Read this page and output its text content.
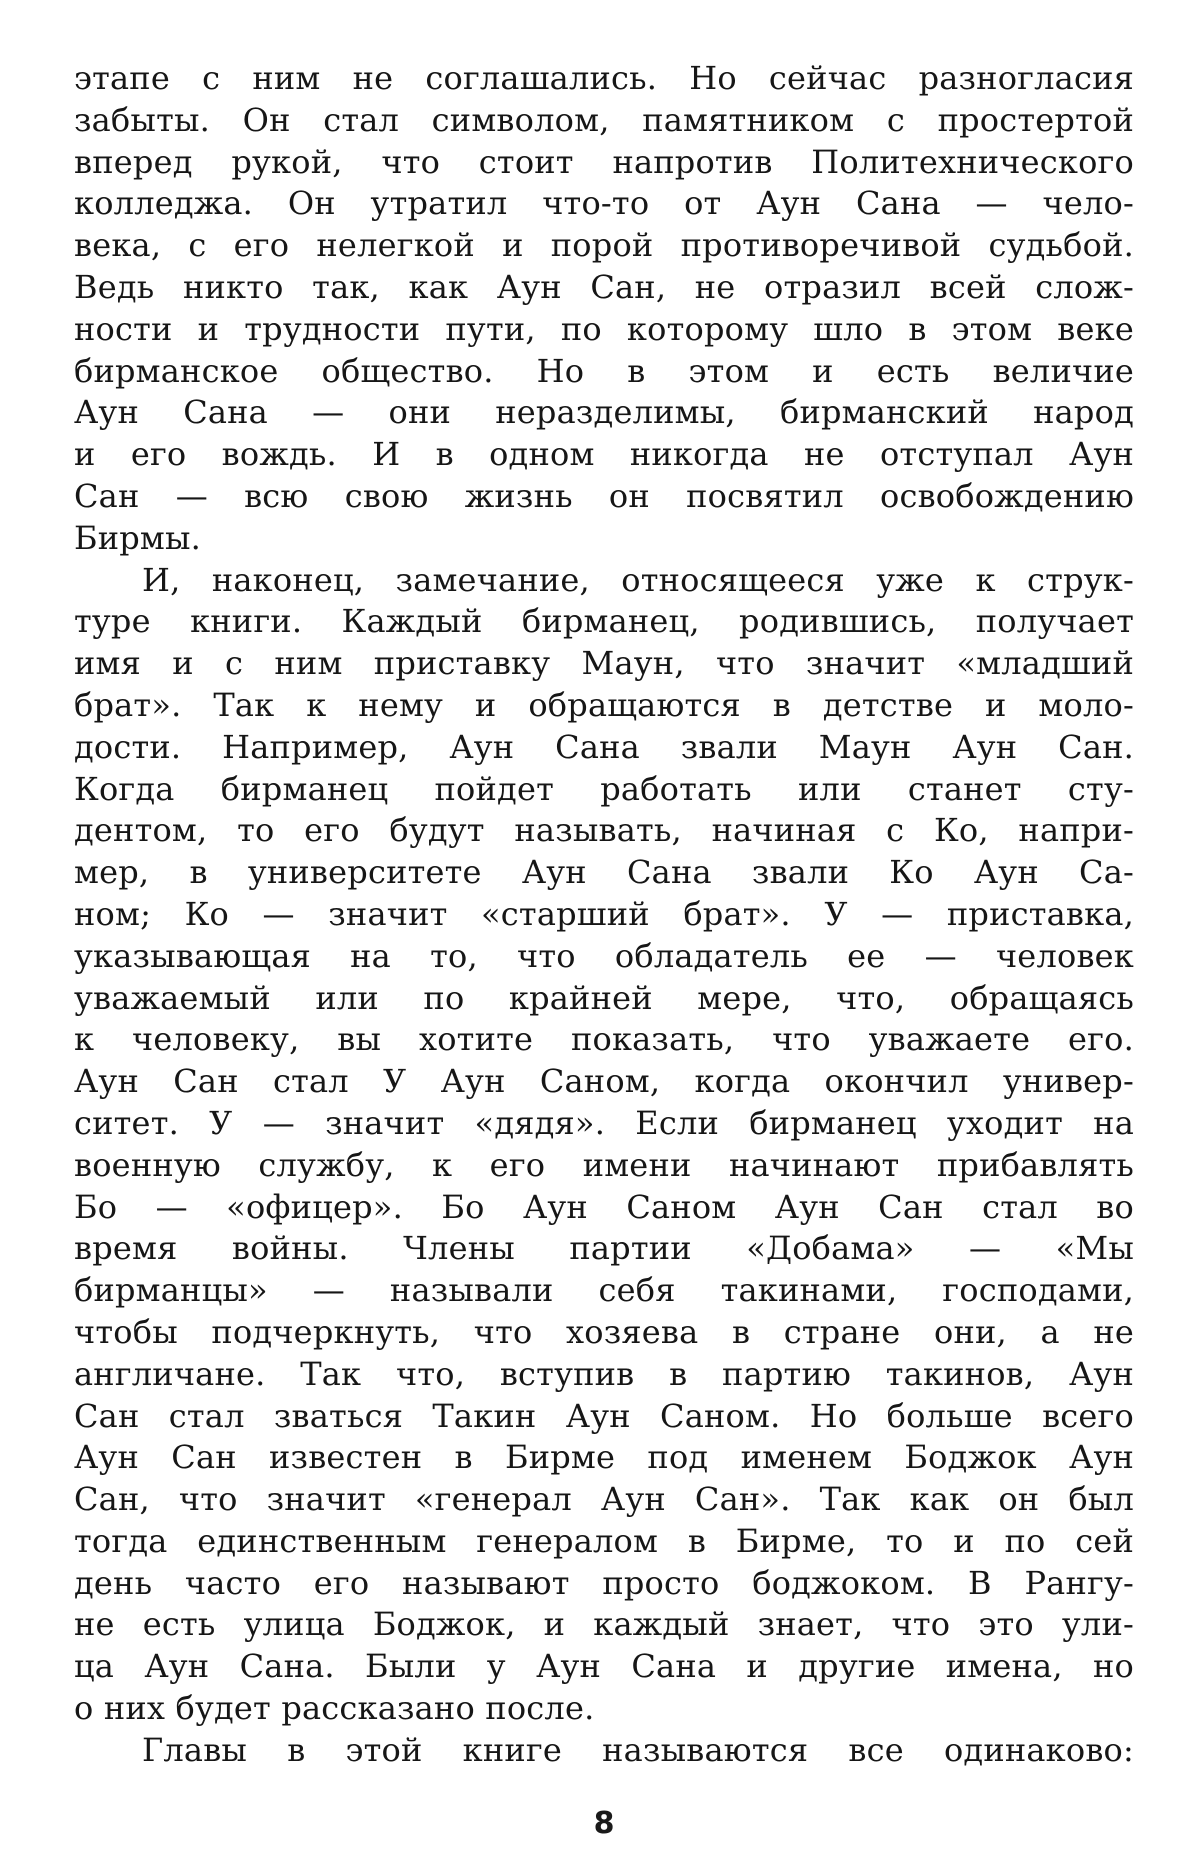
этапе с ним не соглашались. Но сейчас разногласия
забыты. Он стал символом, памятником с простертой
вперед рукой, что стоит напротив Политехнического
колледжа. Он утратил что-то от Аун Сана — чело-
века, с его нелегкой и порой противоречивой судьбой.
Ведь никто так, как Аун Сан, не отразил всей слож-
ности и трудности пути, по которому шло в этом веке
бирманское общество. Но в этом и есть величие
Аун Сана — они неразделимы, бирманский народ
и его вождь. И в одном никогда не отступал Аун
Сан — всю свою жизнь он посвятил освобождению
Бирмы.
И, наконец, замечание, относящееся уже к струк-
туре книги. Каждый бирманец, родившись, получает
имя и с ним приставку Маун, что значит «младший
брат». Так к нему и обращаются в детстве и моло-
дости. Например, Аун Сана звали Маун Аун Сан.
Когда бирманец пойдет работать или станет сту-
дентом, то его будут называть, начиная с Ко, напри-
мер, в университете Аун Сана звали Ко Аун Са-
ном; Ко — значит «старший брат». У — приставка,
указывающая на то, что обладатель ее — человек
уважаемый или по крайней мере, что, обращаясь
к человеку, вы хотите показать, что уважаете его.
Аун Сан стал У Аун Саном, когда окончил универ-
ситет. У — значит «дядя». Если бирманец уходит на
военную службу, к его имени начинают прибавлять
Бо — «офицер». Бо Аун Саном Аун Сан стал во
время войны. Члены партии «Добама» — «Мы
бирманцы» — называли себя такинами, господами,
чтобы подчеркнуть, что хозяева в стране они, а не
англичане. Так что, вступив в партию такинов, Аун
Сан стал зваться Такин Аун Саном. Но больше всего
Аун Сан известен в Бирме под именем Боджок Аун
Сан, что значит «генерал Аун Сан». Так как он был
тогда единственным генералом в Бирме, то и по сей
день часто его называют просто боджоком. В Рангу-
не есть улица Боджок, и каждый знает, что это ули-
ца Аун Сана. Были у Аун Сана и другие имена, но
о них будет рассказано после.
Главы в этой книге называются все одинаково:
8
